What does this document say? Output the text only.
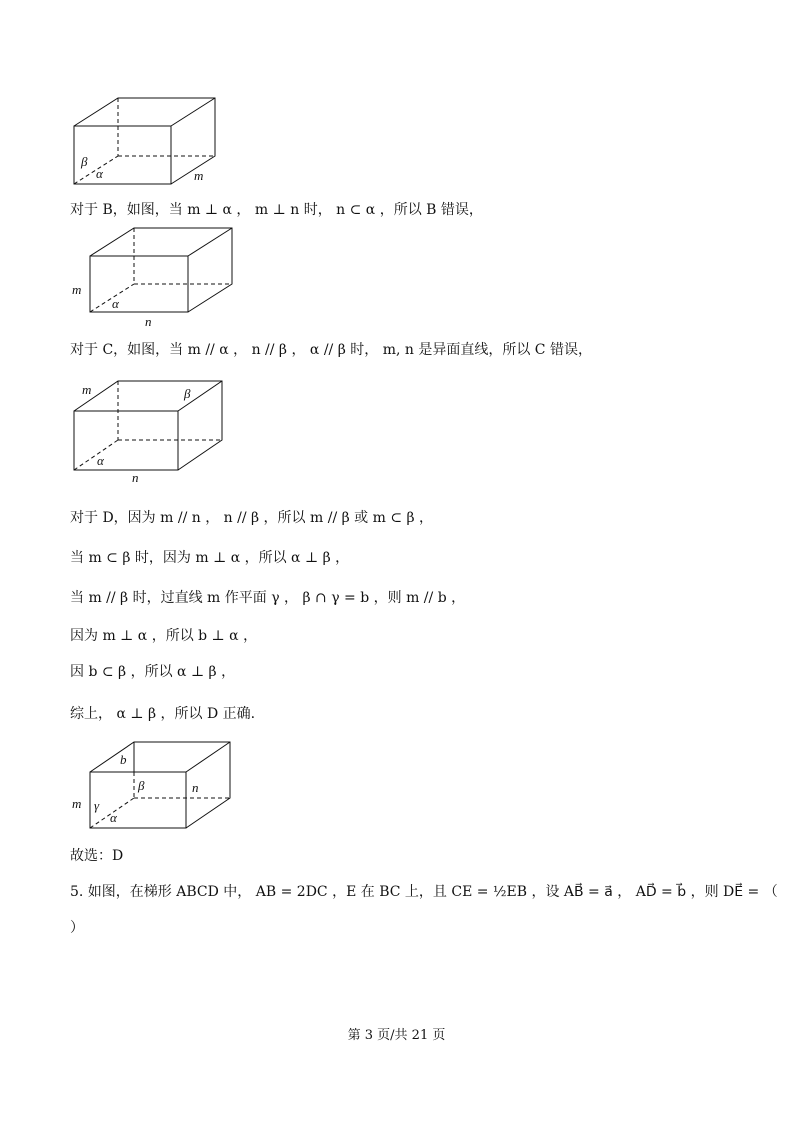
β
α	m
对于 B，如图，当 m ⊥ α ， m ⊥ n 时， n ⊂ α ，所以 B 错误，
m
α
n
对于 C，如图，当 m // α ， n // β ， α // β 时， m, n 是异面直线，所以 C 错误，
m	β
α
n
对于 D，因为 m // n ， n // β ，所以 m // β 或 m ⊂ β ，
当 m ⊂ β 时，因为 m ⊥ α ，所以 α ⊥ β ，
当 m // β 时，过直线 m 作平面 γ ， β ∩ γ = b ，则 m // b ，
因为 m ⊥ α ，所以 b ⊥ α ，
因 b ⊂ β ，所以 α ⊥ β ，
综上， α ⊥ β ，所以 D 正确.
b
β	n
m γ
α
故选：D
5. 如图，在梯形 ABCD 中， AB = 2DC ，E 在 BC 上，且 CE = ½EB ，设 AB⃗ = a⃗ ， AD⃗ = b⃗ ，则 DE⃗ = （
）
第 3 页/共 21 页
